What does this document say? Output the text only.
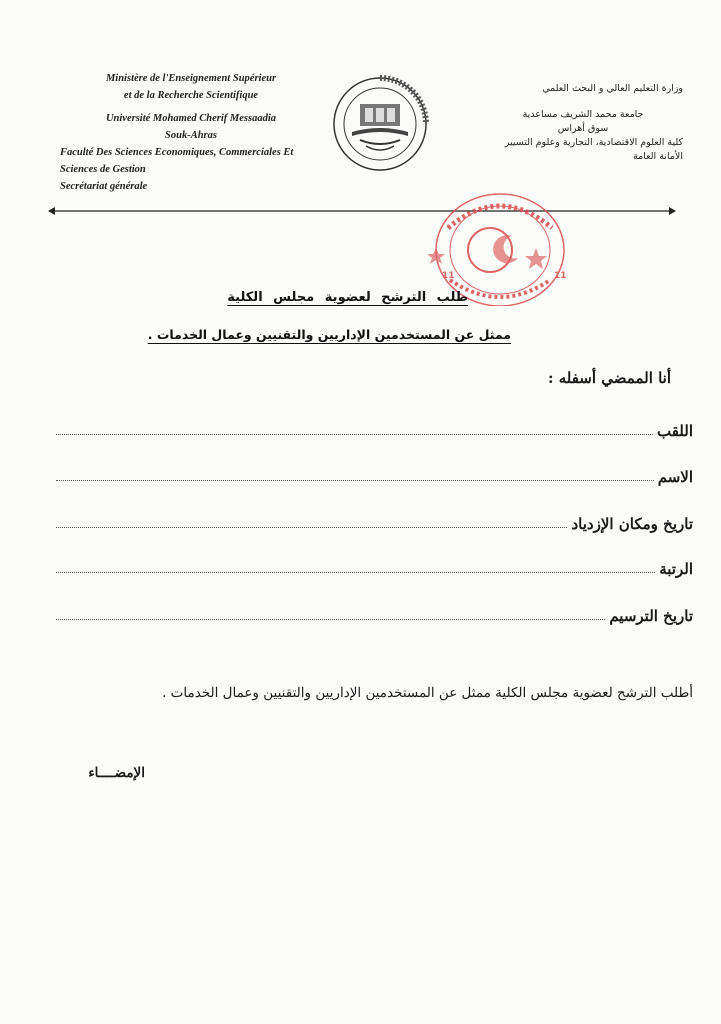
Ministère de l'Enseignement Supérieur
et de la Recherche Scientifique
Université Mohamed Cherif Messaadia
Souk-Ahras
Faculté Des Sciences Economiques, Commerciales Et
Sciences de Gestion
Secrétariat générale
وزارة التعليم العالي و البحث العلمي
جامعة محمد الشريف مساعدية
سوق أهراس
كلية العلوم الاقتصادية، التجارية وعلوم التسيير
الأمانة العامة
11	11
طلب الترشح لعضوية مجلس الكلية
ممثل عن المستخدمين الإداريين والتقنيين وعمال الخدمات .
أنا الممضي أسفله :
اللقب
الاسم
تاريخ ومكان الإزدياد
الرتبة
تاريخ الترسيم
أطلب الترشح لعضوية مجلس الكلية ممثل عن المستخدمين الإداريين والتقنيين وعمال الخدمات .
الإمضــــاء
